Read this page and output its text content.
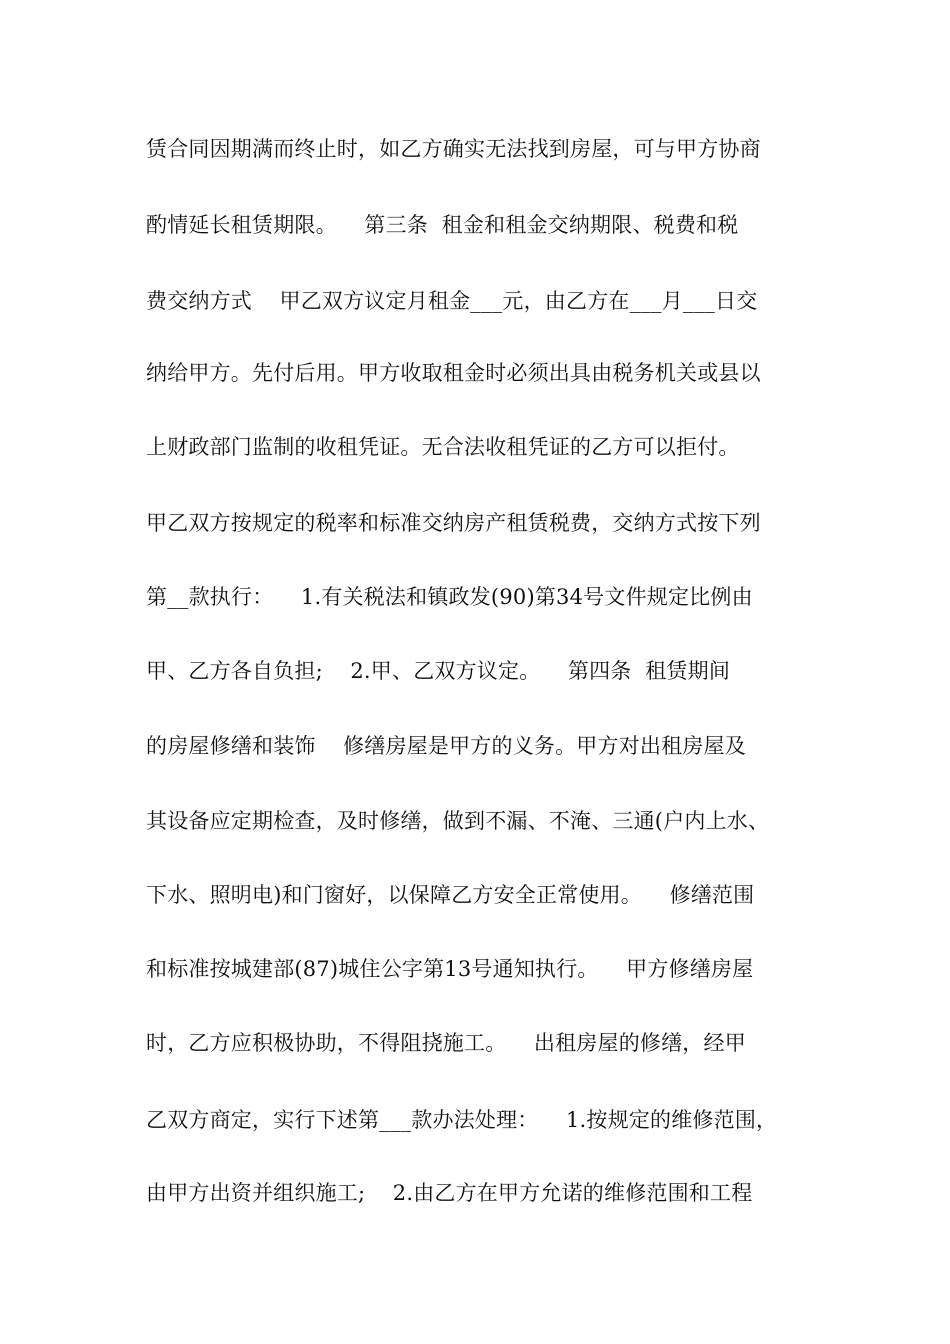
赁合同因期满而终止时，如乙方确实无法找到房屋，可与甲方协商
酌情延长租赁期限。    第三条  租金和租金交纳期限、税费和税
费交纳方式    甲乙双方议定月租金___元，由乙方在___月___日交
纳给甲方。先付后用。甲方收取租金时必须出具由税务机关或县以
上财政部门监制的收租凭证。无合法收租凭证的乙方可以拒付。
甲乙双方按规定的税率和标准交纳房产租赁税费，交纳方式按下列
第__款执行：    1.有关税法和镇政发(90)第34号文件规定比例由
甲、乙方各自负担;    2.甲、乙双方议定。    第四条  租赁期间
的房屋修缮和装饰    修缮房屋是甲方的义务。甲方对出租房屋及
其设备应定期检查，及时修缮，做到不漏、不淹、三通(户内上水、
下水、照明电)和门窗好，以保障乙方安全正常使用。    修缮范围
和标准按城建部(87)城住公字第13号通知执行。    甲方修缮房屋
时，乙方应积极协助，不得阻挠施工。    出租房屋的修缮，经甲
乙双方商定，实行下述第___款办法处理：    1.按规定的维修范围，
由甲方出资并组织施工;    2.由乙方在甲方允诺的维修范围和工程
